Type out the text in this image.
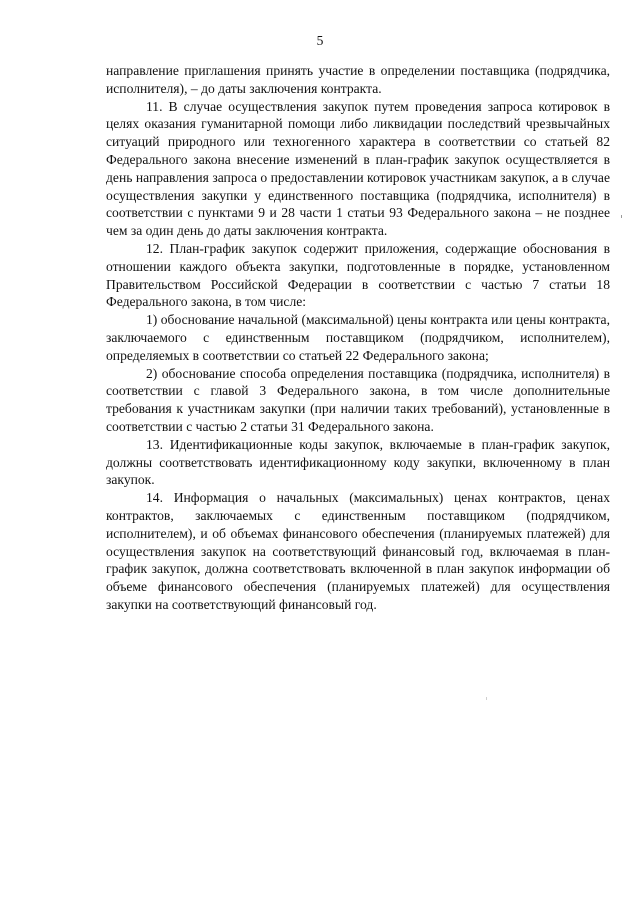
5

направление приглашения принять участие в определении поставщика (подрядчика, исполнителя), – до даты заключения контракта.

11. В случае осуществления закупок путем проведения запроса котировок в целях оказания гуманитарной помощи либо ликвидации последствий чрезвычайных ситуаций природного или техногенного характера в соответствии со статьей 82 Федерального закона внесение изменений в план-график закупок осуществляется в день направления запроса о предоставлении котировок участникам закупок, а в случае осуществления закупки у единственного поставщика (подрядчика, исполнителя) в соответствии с пунктами 9 и 28 части 1 статьи 93 Федерального закона – не позднее чем за один день до даты заключения контракта.

12. План-график закупок содержит приложения, содержащие обоснования в отношении каждого объекта закупки, подготовленные в порядке, установленном Правительством Российской Федерации в соответствии с частью 7 статьи 18 Федерального закона, в том числе:

1) обоснование начальной (максимальной) цены контракта или цены контракта, заключаемого с единственным поставщиком (подрядчиком, исполнителем), определяемых в соответствии со статьей 22 Федерального закона;

2) обоснование способа определения поставщика (подрядчика, исполнителя) в соответствии с главой 3 Федерального закона, в том числе дополнительные требования к участникам закупки (при наличии таких требований), установленные в соответствии с частью 2 статьи 31 Федерального закона.

13. Идентификационные коды закупок, включаемые в план-график закупок, должны соответствовать идентификационному коду закупки, включенному в план закупок.

14. Информация о начальных (максимальных) ценах контрактов, ценах контрактов, заключаемых с единственным поставщиком (подрядчиком, исполнителем), и об объемах финансового обеспечения (планируемых платежей) для осуществления закупок на соответствующий финансовый год, включаемая в план-график закупок, должна соответствовать включенной в план закупок информации об объеме финансового обеспечения (планируемых платежей) для осуществления закупки на соответствующий финансовый год.
